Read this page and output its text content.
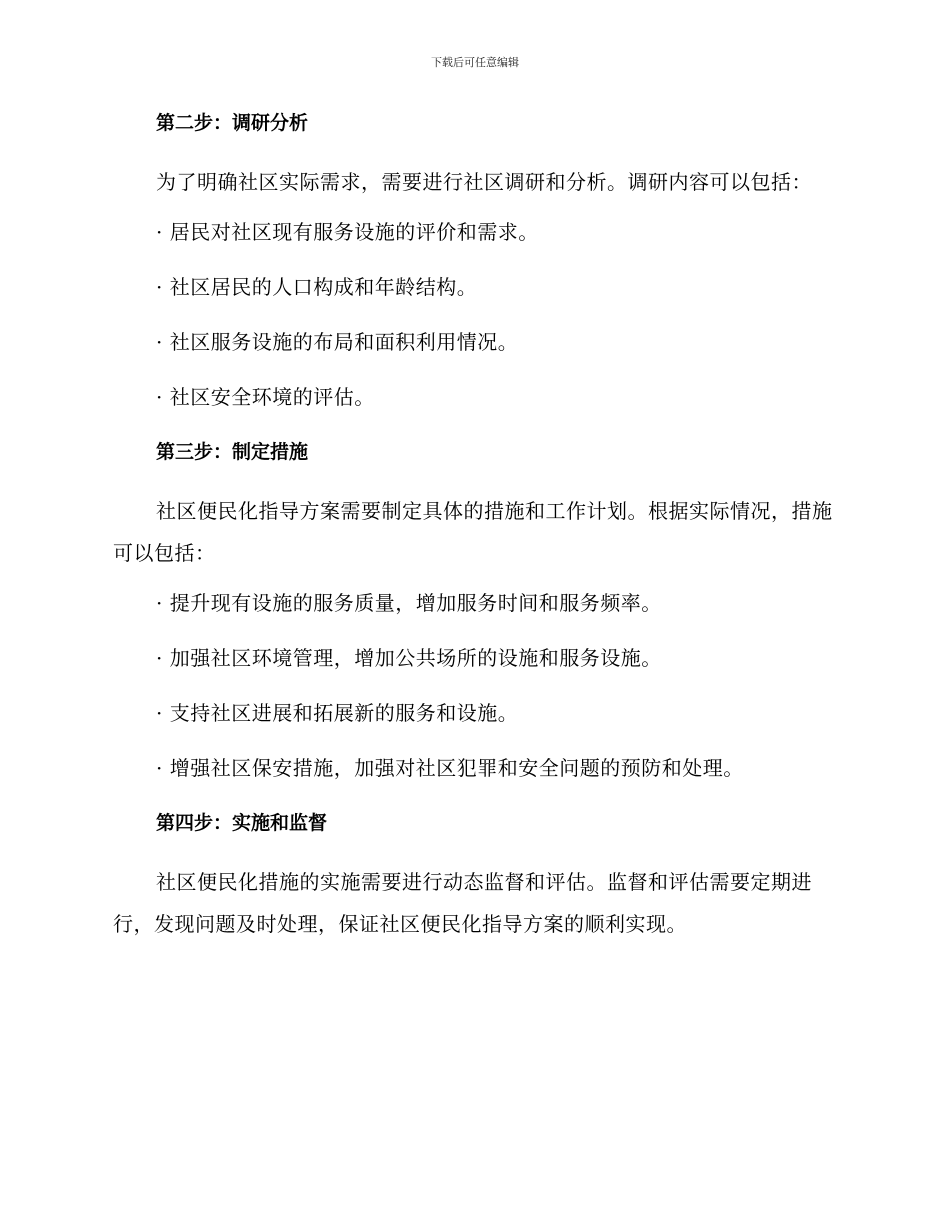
下载后可任意编辑
第二步：调研分析
为了明确社区实际需求，需要进行社区调研和分析。调研内容可以包括：
· 居民对社区现有服务设施的评价和需求。
· 社区居民的人口构成和年龄结构。
· 社区服务设施的布局和面积利用情况。
· 社区安全环境的评估。
第三步：制定措施
社区便民化指导方案需要制定具体的措施和工作计划。根据实际情况，措施可以包括：
· 提升现有设施的服务质量，增加服务时间和服务频率。
· 加强社区环境管理，增加公共场所的设施和服务设施。
· 支持社区进展和拓展新的服务和设施。
· 增强社区保安措施，加强对社区犯罪和安全问题的预防和处理。
第四步：实施和监督
社区便民化措施的实施需要进行动态监督和评估。监督和评估需要定期进行，发现问题及时处理，保证社区便民化指导方案的顺利实现。
